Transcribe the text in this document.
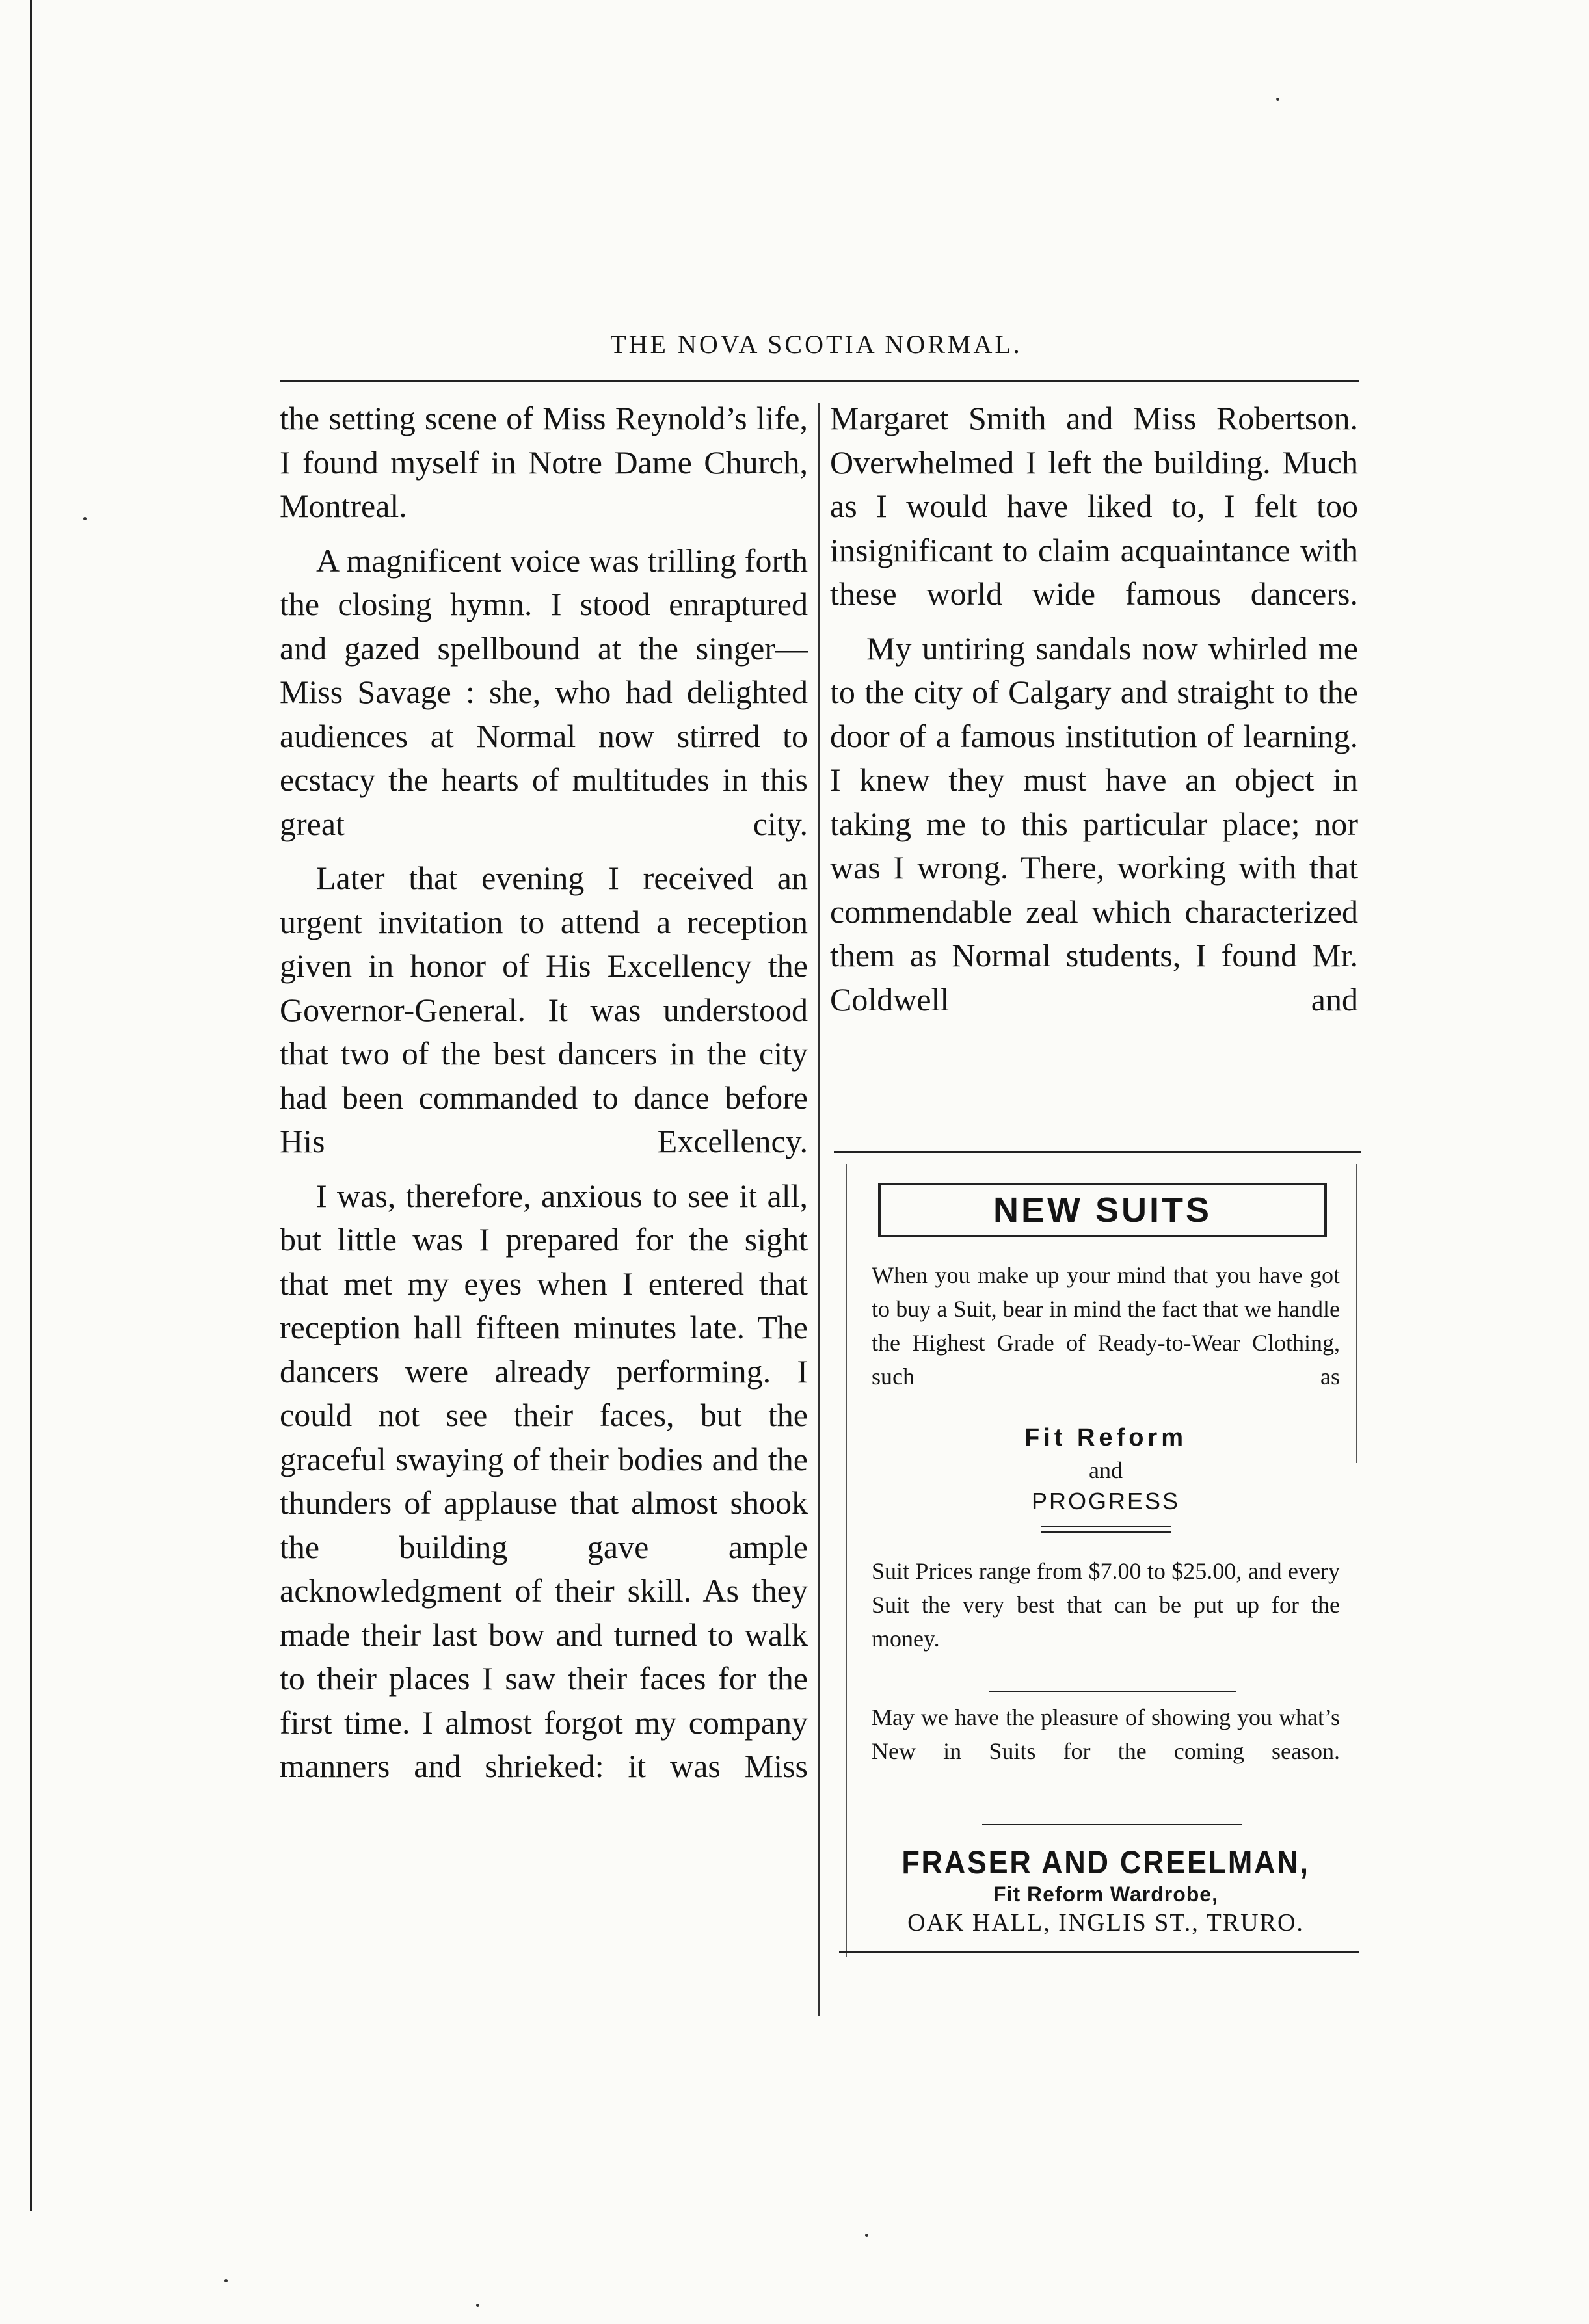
THE NOVA SCOTIA NORMAL.

the setting scene of Miss Reynold’s life, I found myself in Notre Dame Church, Montreal.

A magnificent voice was trilling forth the closing hymn. I stood enraptured and gazed spellbound at the singer—Miss Savage : she, who had delighted audiences at Normal now stirred to ecstacy the hearts of multitudes in this great city.

Later that evening I received an urgent invitation to attend a reception given in honor of His Excellency the Governor-General. It was understood that two of the best dancers in the city had been commanded to dance before His Excellency.

I was, therefore, anxious to see it all, but little was I prepared for the sight that met my eyes when I entered that reception hall fifteen minutes late. The dancers were already performing. I could not see their faces, but the graceful swaying of their bodies and the thunders of applause that almost shook the building gave ample acknowledgment of their skill. As they made their last bow and turned to walk to their places I saw their faces for the first time. I almost forgot my company manners and shrieked: it was Miss

Margaret Smith and Miss Robertson. Overwhelmed I left the building. Much as I would have liked to, I felt too insignificant to claim acquaintance with these world wide famous dancers.

My untiring sandals now whirled me to the city of Calgary and straight to the door of a famous institution of learning. I knew they must have an object in taking me to this particular place; nor was I wrong. There, working with that commendable zeal which characterized them as Normal students, I found Mr. Coldwell and

NEW SUITS
When you make up your mind that you have got to buy a Suit, bear in mind the fact that we handle the Highest Grade of Ready-to-Wear Clothing, such as
Fit Reform
and
PROGRESS
Suit Prices range from $7.00 to $25.00, and every Suit the very best that can be put up for the money.
May we have the pleasure of showing you what’s New in Suits for the coming season.
FRASER AND CREELMAN,
Fit Reform Wardrobe,
OAK HALL, INGLIS ST., TRURO.
